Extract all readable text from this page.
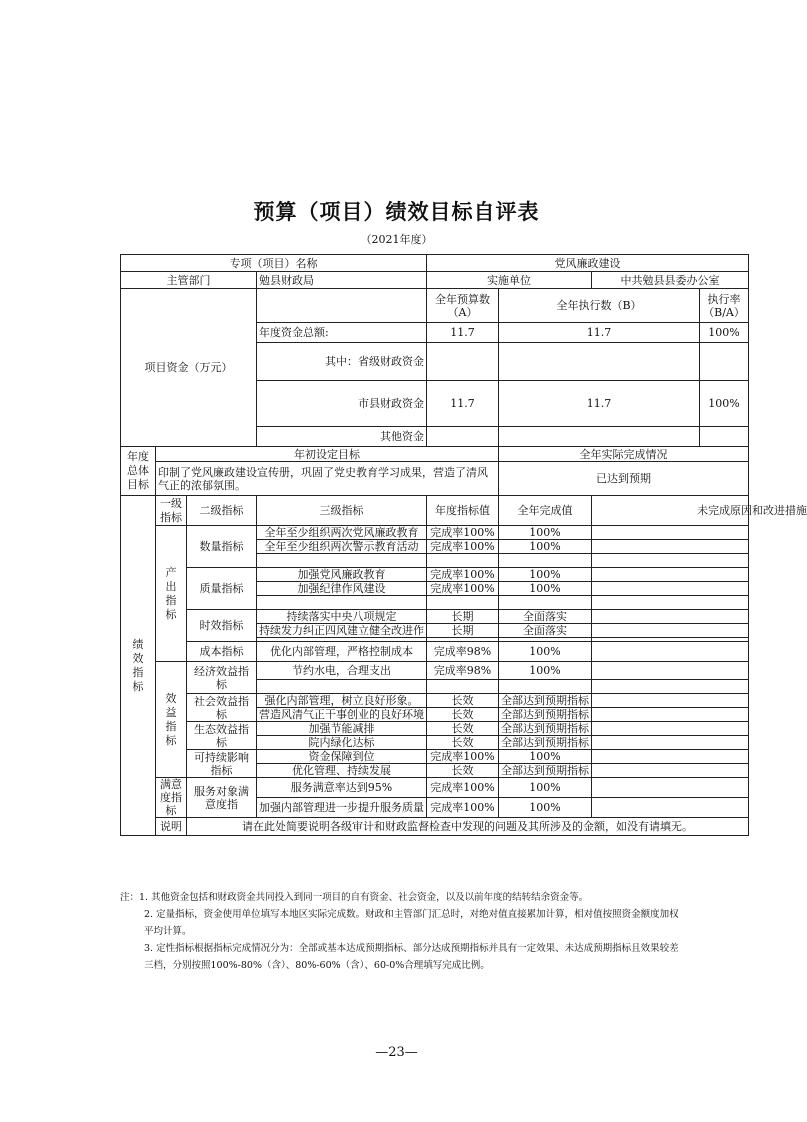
预算（项目）绩效目标自评表
（2021年度）
专项（项目）名称				党风廉政建设			
主管部门			勉县财政局	实施单位		中共勉县县委办公室	
项目资金（万元）				全年预算数（A）	全年执行数（B）		执行率（B/A）
			年度资金总额:	11.7	11.7		100%
			其中：省级财政资金				
			市县财政资金	11.7	11.7		100%
			其他资金				

年度总体目标	年初设定目标				全年实际完成情况		
	印制了党风廉政建设宣传册，巩固了党史教育学习成果，营造了清风气正的浓郁氛围。				已达到预期		

绩效指标	一级指标	二级指标	三级指标	年度指标值	全年完成值	未完成原因和改进措施	

	产出指标	数量指标	全年至少组织两次党风廉政教育	完成率100%	100%		
			全年至少组织两次警示教育活动	完成率100%	100%		

		质量指标	加强党风廉政教育	完成率100%	100%		
			加强纪律作风建设	完成率100%	100%		

		时效指标	持续落实中央八项规定	长期	全面落实		
			持续发力纠正四风建立健全改进作	长期	全面落实		

		成本指标	优化内部管理，严格控制成本	完成率98%	100%		

	效益指标	经济效益指标	节约水电，合理支出	完成率98%	100%		

		社会效益指标	强化内部管理，树立良好形象。	长效	全部达到预期指标		
			营造风清气正干事创业的良好环境	长效	全部达到预期指标		
		生态效益指标	加强节能减排	长效	全部达到预期指标		
			院内绿化达标	长效	全部达到预期指标		
		可持续影响指标	资金保障到位	完成率100%	100%		
			优化管理、持续发展	长效	全部达到预期指标		
	满意度指标	服务对象满意度指	服务满意率达到95%	完成率100%	100%		
			加强内部管理进一步提升服务质量	完成率100%	100%		
	说明	请在此处简要说明各级审计和财政监督检查中发现的问题及其所涉及的金额，如没有请填无。					

注：1. 其他资金包括和财政资金共同投入到同一项目的自有资金、社会资金，以及以前年度的结转结余资金等。

2. 定量指标，资金使用单位填写本地区实际完成数。财政和主管部门汇总时，对绝对值直接累加计算，相对值按照资金额度加权平均计算。

3. 定性指标根据指标完成情况分为：全部或基本达成预期指标、部分达成预期指标并具有一定效果、未达成预期指标且效果较差三档，分别按照100%-80%（含）、80%-60%（含）、60-0%合理填写完成比例。

—23—
